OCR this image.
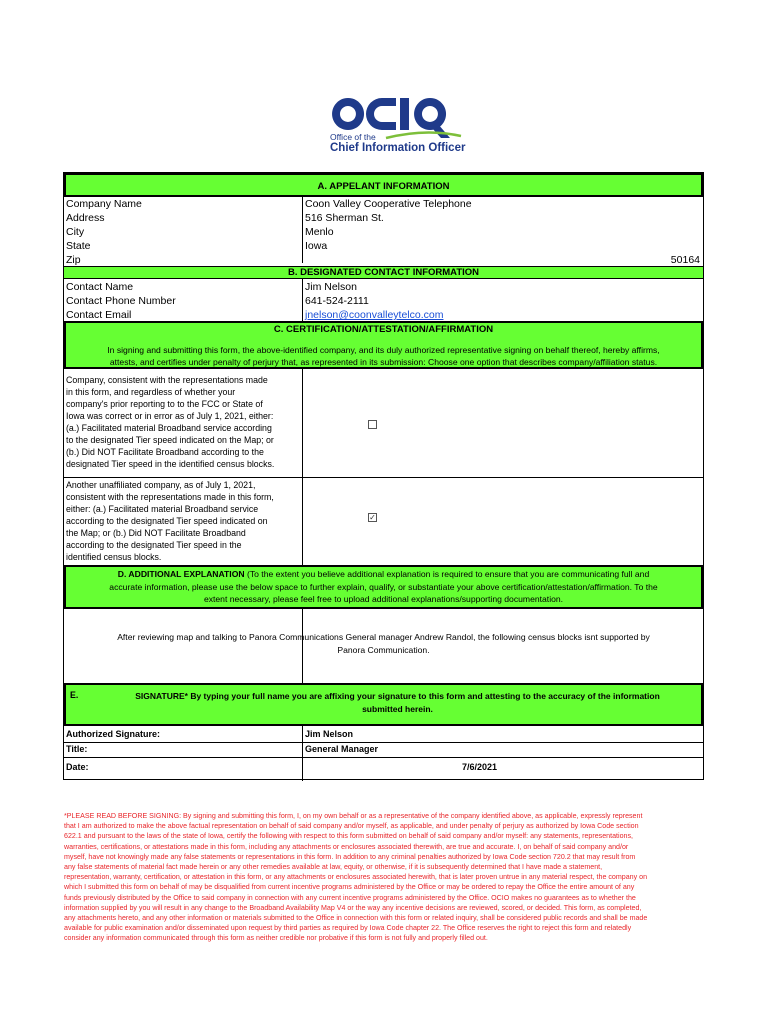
Office of the
Chief Information Officer
A. APPELANT INFORMATION
Company Name
Address
City
State
Zip
Coon Valley Cooperative Telephone
516 Sherman St.
Menlo
Iowa
50164
B. DESIGNATED CONTACT INFORMATION
Contact Name
Contact Phone Number
Contact Email
Jim Nelson
641-524-2111
jnelson@coonvalleytelco.com
C. CERTIFICATION/ATTESTATION/AFFIRMATION
In signing and submitting this form, the above-identified company, and its duly authorized representative signing on behalf thereof, hereby affirms,
attests, and certifies under penalty of perjury that, as represented in its submission: Choose one option that describes company/affiliation status.
Company, consistent with the representations made
in this form, and regardless of whether your
company's prior reporting to to the FCC or State of
Iowa was correct or in error as of July 1, 2021, either:
(a.) Facilitated material Broadband service according
to the designated Tier speed indicated on the Map; or
(b.) Did NOT Facilitate Broadband according to the
designated Tier speed in the identified census blocks.
Another unaffiliated company, as of July 1, 2021,
consistent with the representations made in this form,
either: (a.) Facilitated material Broadband service
according to the designated Tier speed indicated on
the Map; or (b.) Did NOT Facilitate Broadband
according to the designated Tier speed in the
identified census blocks.
✓
D. ADDITIONAL EXPLANATION (To the extent you believe additional explanation is required to ensure that you are communicating full and
accurate information, please use the below space to further explain, qualify, or substantiate your above certification/attestation/affirmation. To the
extent necessary, please feel free to upload additional explanations/supporting documentation.
After reviewing map and talking to Panora Communications General manager Andrew Randol, the following census blocks isnt supported by
Panora Communication.
E.	SIGNATURE* By typing your full name you are affixing your signature to this form and attesting to the accuracy of the information
submitted herein.
Authorized Signature:
Title:
Date:
Jim Nelson
General Manager
7/6/2021
*PLEASE READ BEFORE SIGNING: By signing and submitting this form, I, on my own behalf or as a representative of the company identified above, as applicable, expressly represent
that I am authorized to make the above factual representation on behalf of said company and/or myself, as applicable, and under penalty of perjury as authorized by Iowa Code section
622.1 and pursuant to the laws of the state of Iowa, certify the following with respect to this form submitted on behalf of said company and/or myself: any statements, representations,
warranties, certifications, or attestations made in this form, including any attachments or enclosures associated therewith, are true and accurate. I, on behalf of said company and/or
myself, have not knowingly made any false statements or representations in this form. In addition to any criminal penalties authorized by Iowa Code section 720.2 that may result from
any false statements of material fact made herein or any other remedies available at law, equity, or otherwise, if it is subsequently determined that I have made a statement,
representation, warranty, certification, or attestation in this form, or any attachments or enclosures associated herewith, that is later proven untrue in any material respect, the company on
which I submitted this form on behalf of may be disqualified from current incentive programs administered by the Office or may be ordered to repay the Office the entire amount of any
funds previously distributed by the Office to said company in connection with any current incentive programs administered by the Office. OCIO makes no guarantees as to whether the
information supplied by you will result in any change to the Broadband Availability Map V4 or the way any incentive decisions are reviewed, scored, or decided. This form, as completed,
any attachments hereto, and any other information or materials submitted to the Office in connection with this form or related inquiry, shall be considered public records and shall be made
available for public examination and/or disseminated upon request by third parties as required by Iowa Code chapter 22. The Office reserves the right to reject this form and relatedly
consider any information communicated through this form as neither credible nor probative if this form is not fully and properly filled out.
